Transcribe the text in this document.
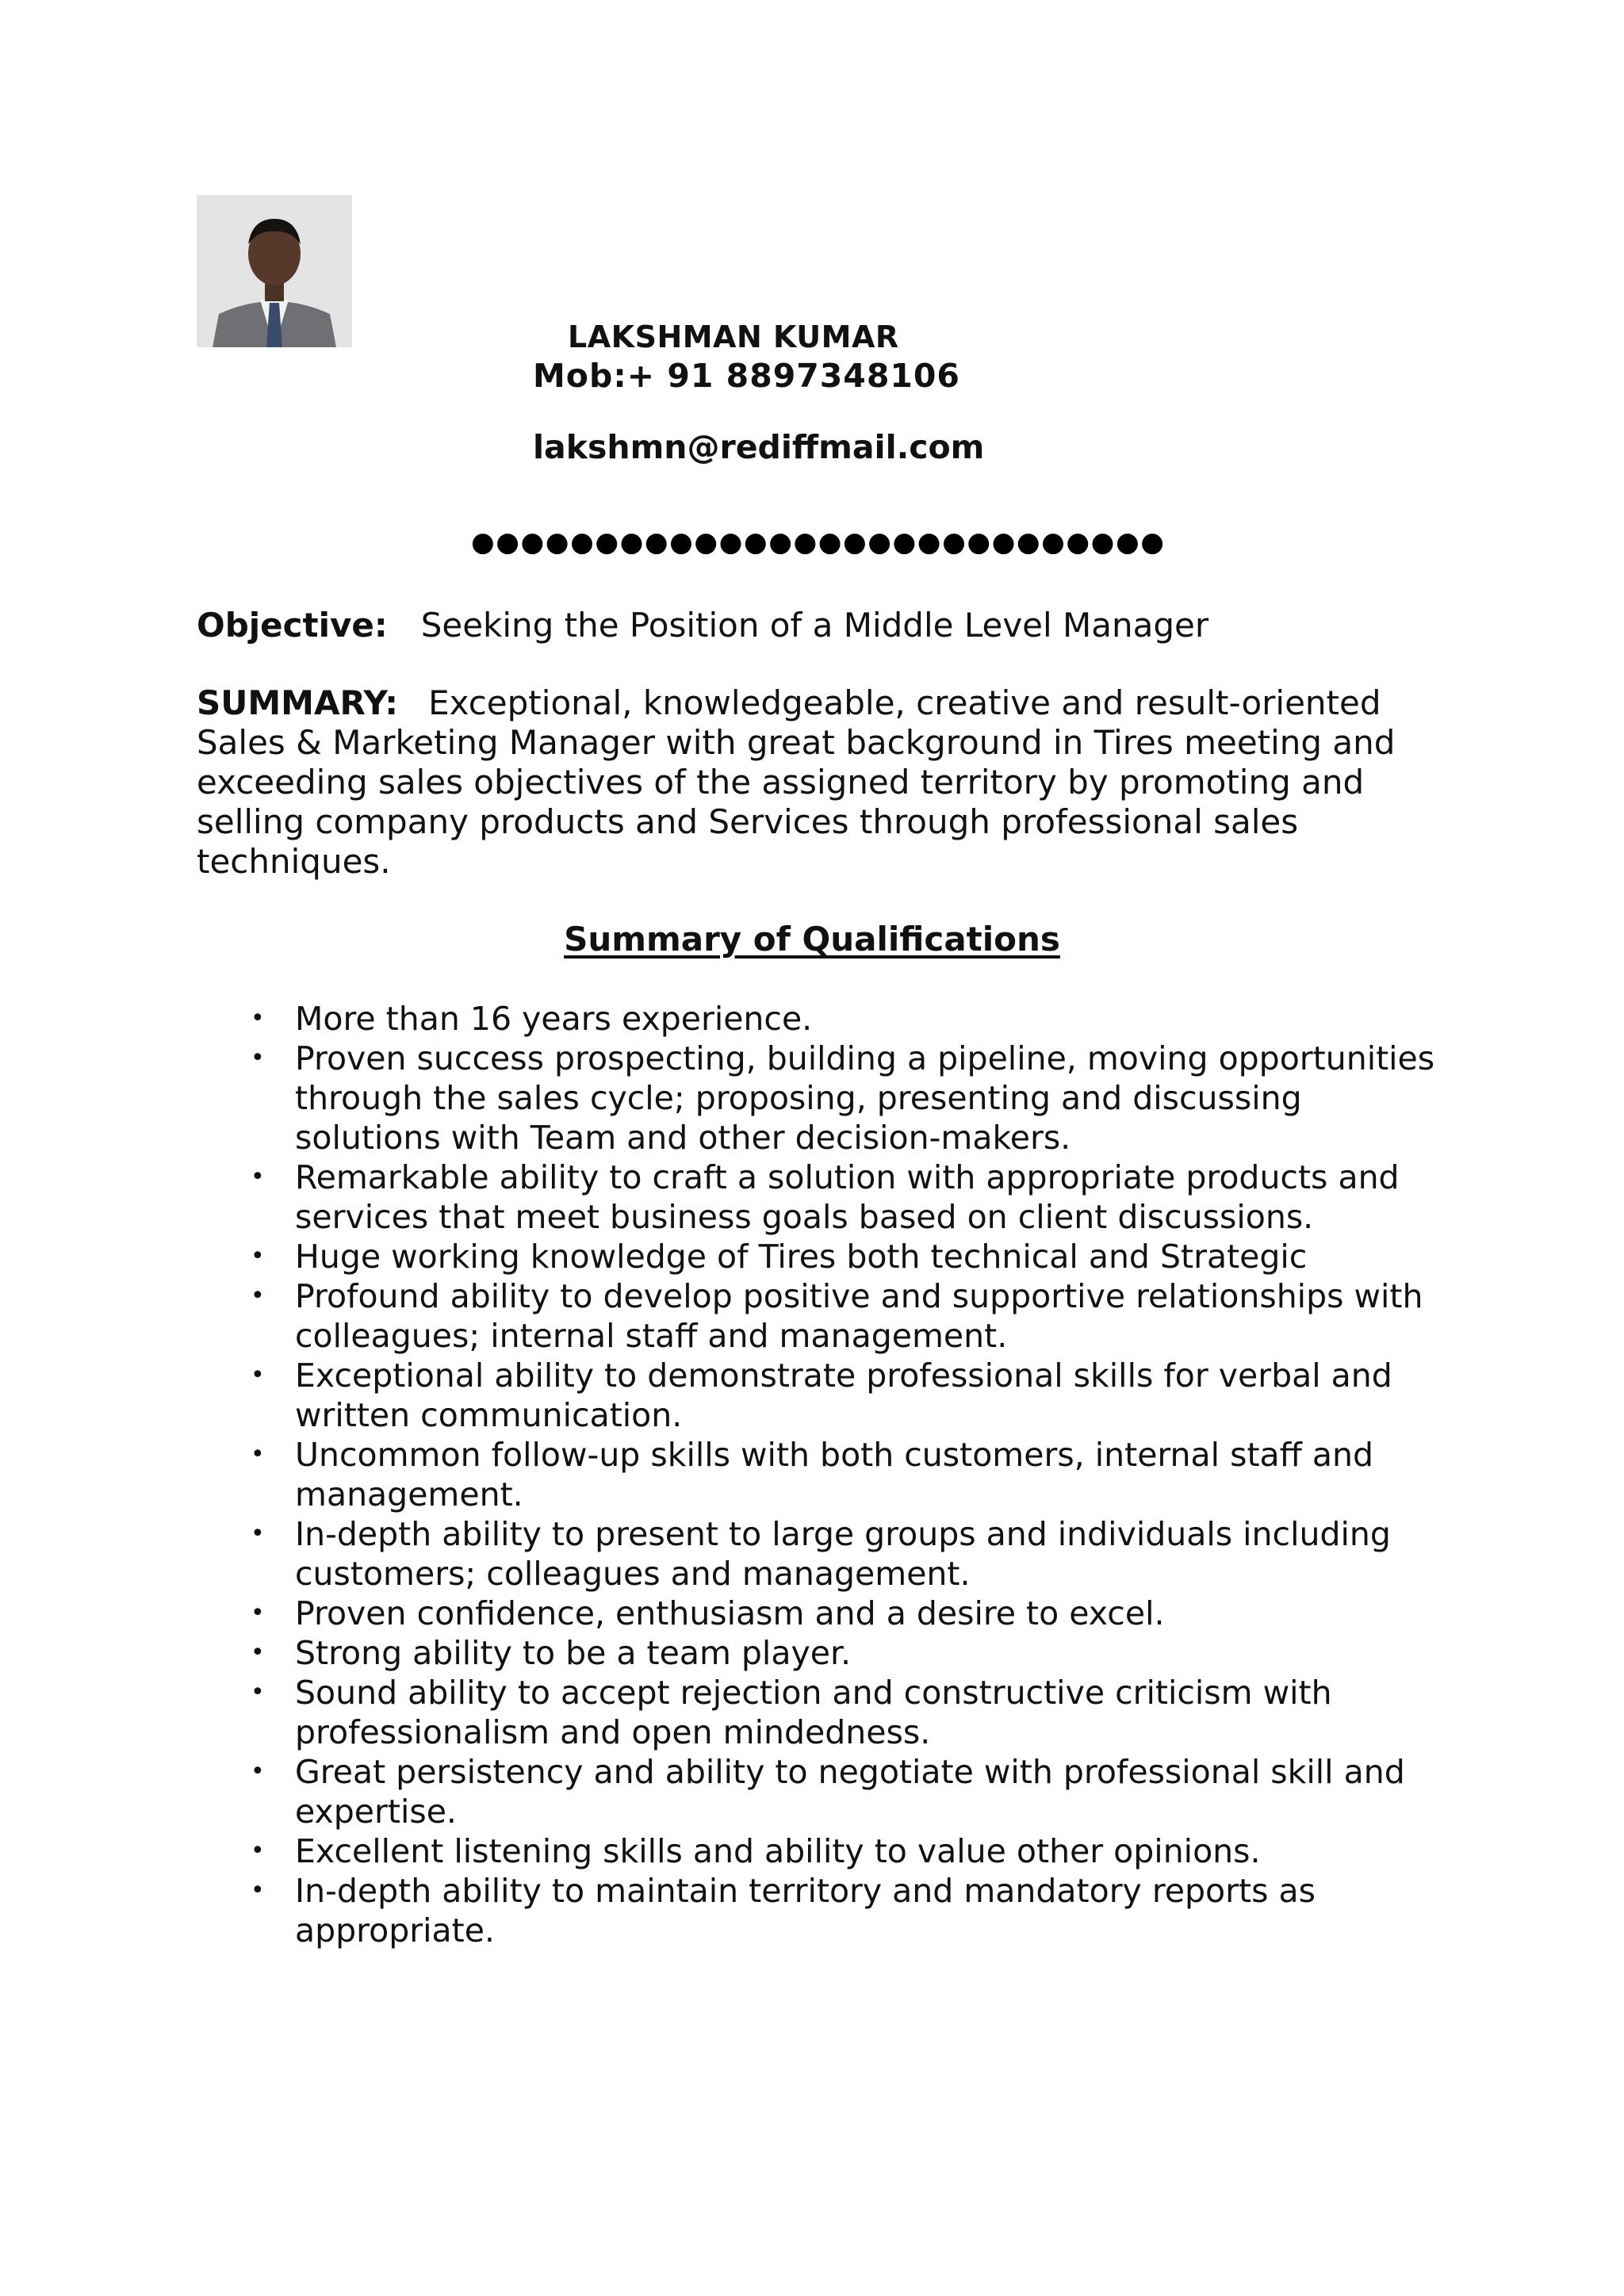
LAKSHMAN KUMAR
Mob:+ 91 8897348106
lakshmn@rediffmail.com
●●●●●●●●●●●●●●●●●●●●●●●●●●●●
Objective: Seeking the Position of a Middle Level Manager
SUMMARY: Exceptional, knowledgeable, creative and result-oriented Sales & Marketing Manager with great background in Tires meeting and exceeding sales objectives of the assigned territory by promoting and selling company products and Services through professional sales techniques.
Summary of Qualifications
• More than 16 years experience.
• Proven success prospecting, building a pipeline, moving opportunities through the sales cycle; proposing, presenting and discussing solutions with Team and other decision-makers.
• Remarkable ability to craft a solution with appropriate products and services that meet business goals based on client discussions.
• Huge working knowledge of Tires both technical and Strategic
• Profound ability to develop positive and supportive relationships with colleagues; internal staff and management.
• Exceptional ability to demonstrate professional skills for verbal and written communication.
• Uncommon follow-up skills with both customers, internal staff and management.
• In-depth ability to present to large groups and individuals including customers; colleagues and management.
• Proven confidence, enthusiasm and a desire to excel.
• Strong ability to be a team player.
• Sound ability to accept rejection and constructive criticism with professionalism and open mindedness.
• Great persistency and ability to negotiate with professional skill and expertise.
• Excellent listening skills and ability to value other opinions.
• In-depth ability to maintain territory and mandatory reports as appropriate.
